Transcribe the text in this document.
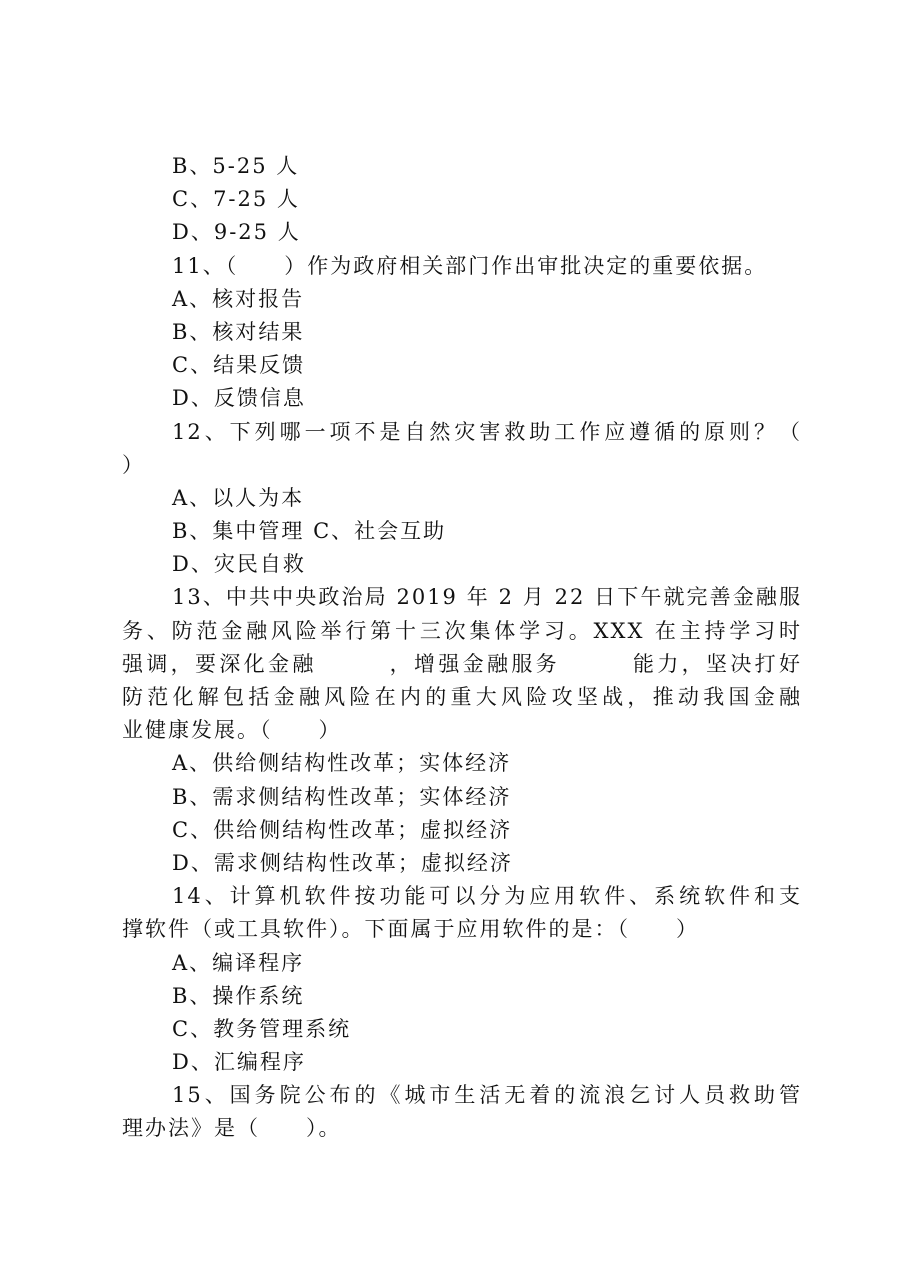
B、5-25 人
C、7-25 人
D、9-25 人
11、（　　）作为政府相关部门作出审批决定的重要依据。
A、核对报告
B、核对结果
C、结果反馈
D、反馈信息
12、下列哪一项不是自然灾害救助工作应遵循的原则？（
）
A、以人为本
B、集中管理 C、社会互助
D、灾民自救
13、中共中央政治局 2019 年 2 月 22 日下午就完善金融服
务、防范金融风险举行第十三次集体学习。XXX 在主持学习时
强调，要深化金融　　　，增强金融服务　　　能力，坚决打好
防范化解包括金融风险在内的重大风险攻坚战，推动我国金融
业健康发展。（　　）
A、供给侧结构性改革；实体经济
B、需求侧结构性改革；实体经济
C、供给侧结构性改革；虚拟经济
D、需求侧结构性改革；虚拟经济
14、计算机软件按功能可以分为应用软件、系统软件和支
撑软件（或工具软件）。下面属于应用软件的是：（　　）
A、编译程序
B、操作系统
C、教务管理系统
D、汇编程序
15、国务院公布的《城市生活无着的流浪乞讨人员救助管
理办法》是（　　）。
